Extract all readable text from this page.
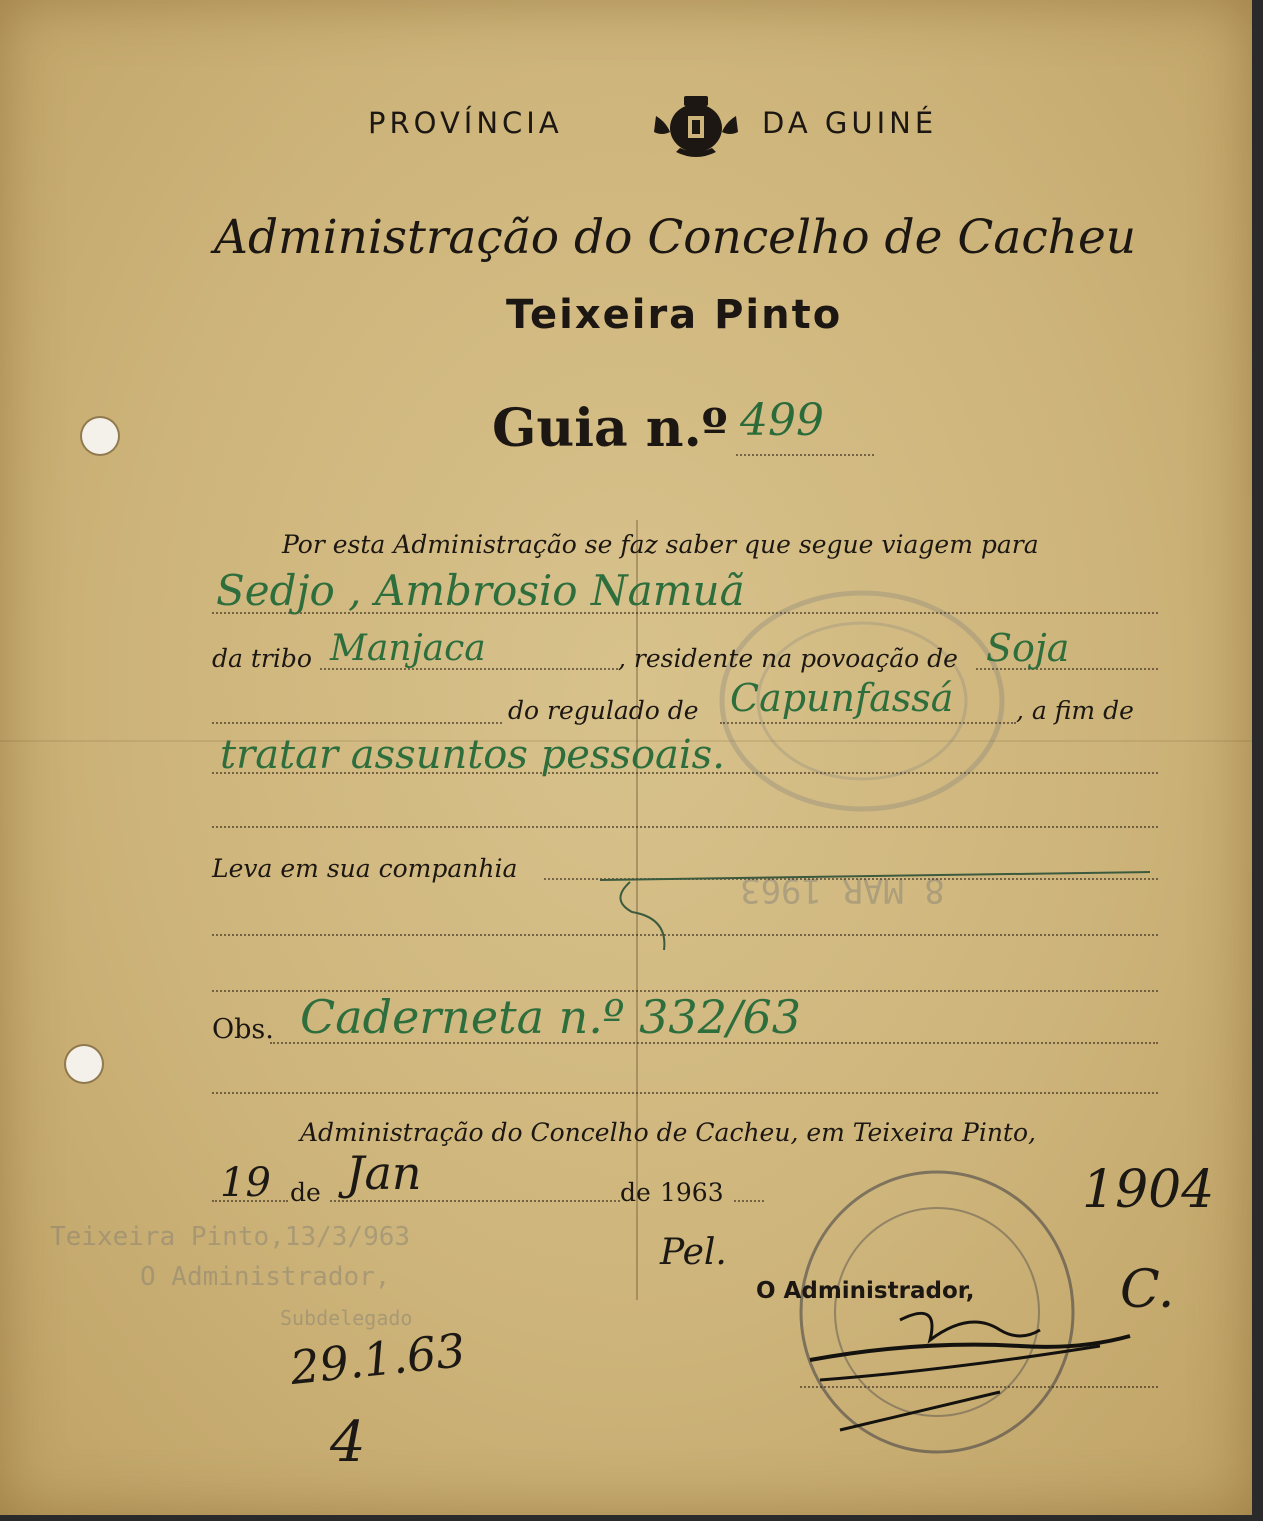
Teixeira Pinto,13/3/963
O Administrador,
Subdelegado
8 MAR 1963
PROVÍNCIA	DA GUINÉ
Administração do Concelho de Cacheu
Teixeira Pinto
Guia n.º 499
Por esta Administração se faz saber que segue viagem para
Sedjo , Ambrosio Namuã
da tribo Manjaca	, residente na povoação de Soja
do regulado de Capunfassá	, a fim de
tratar assuntos pessoais.
Leva em sua companhia
Obs. Caderneta n.º 332/63
Administração do Concelho de Cacheu, em Teixeira Pinto,
19 de Jan	de 1963
Pel.
O Administrador,
1904
C.
29.1.63
4
